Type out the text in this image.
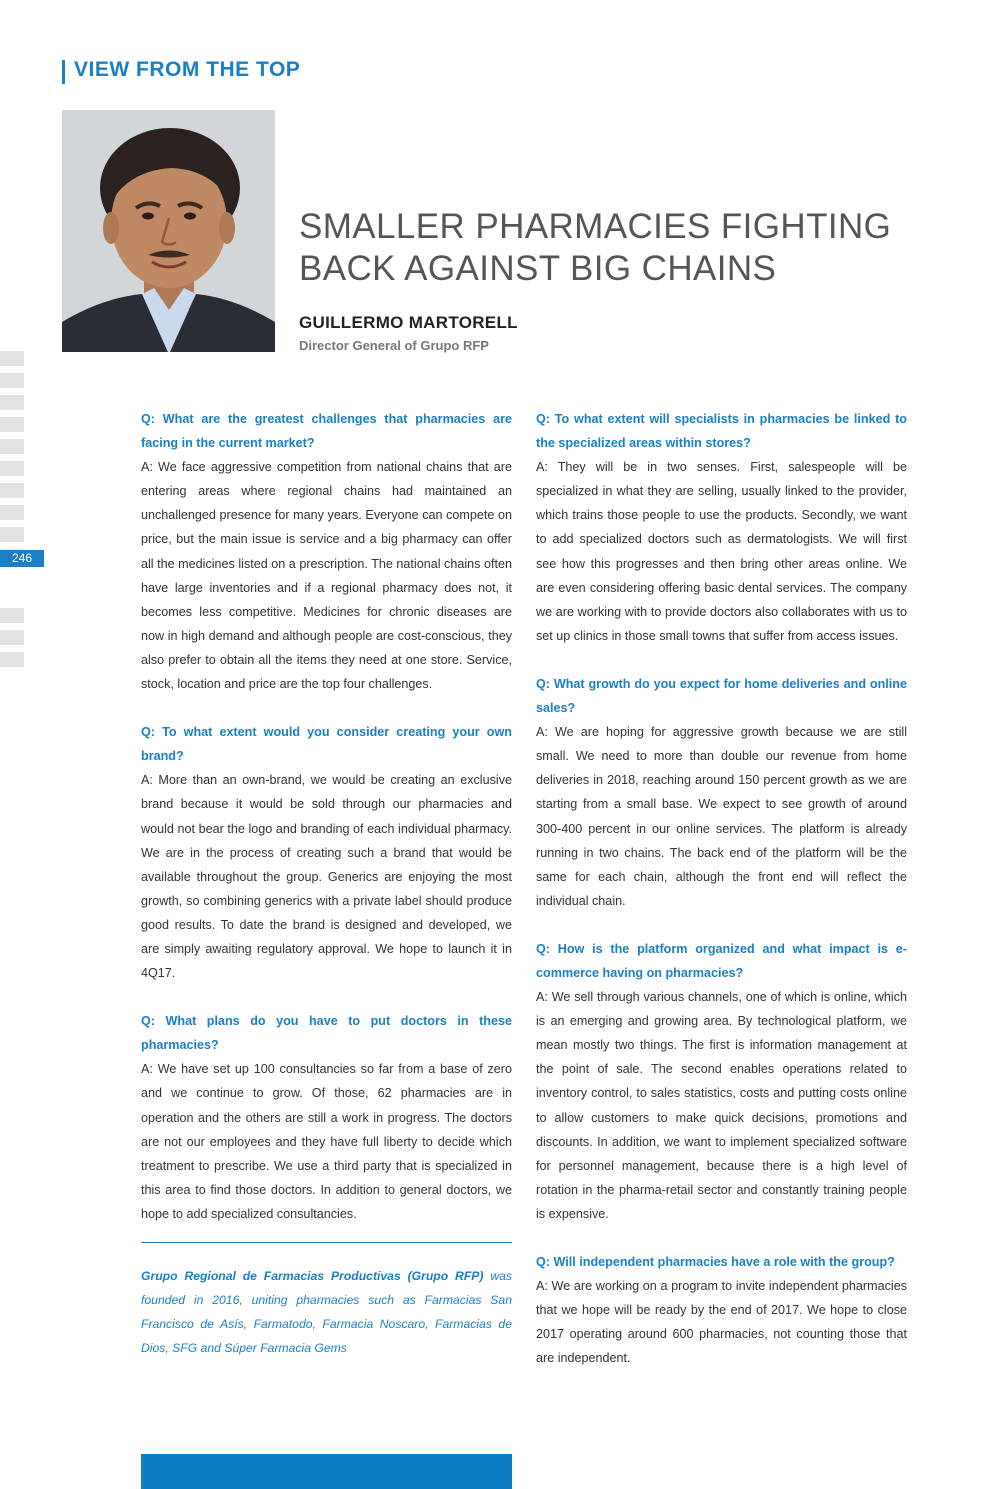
VIEW FROM THE TOP
SMALLER PHARMACIES FIGHTING BACK AGAINST BIG CHAINS
GUILLERMO MARTORELL
Director General of Grupo RFP
246

Q: What are the greatest challenges that pharmacies are facing in the current market?

A: We face aggressive competition from national chains that are entering areas where regional chains had maintained an unchallenged presence for many years. Everyone can compete on price, but the main issue is service and a big pharmacy can offer all the medicines listed on a prescription. The national chains often have large inventories and if a regional pharmacy does not, it becomes less competitive. Medicines for chronic diseases are now in high demand and although people are cost-conscious, they also prefer to obtain all the items they need at one store. Service, stock, location and price are the top four challenges.

Q: To what extent would you consider creating your own brand?

A: More than an own-brand, we would be creating an exclusive brand because it would be sold through our pharmacies and would not bear the logo and branding of each individual pharmacy. We are in the process of creating such a brand that would be available throughout the group. Generics are enjoying the most growth, so combining generics with a private label should produce good results. To date the brand is designed and developed, we are simply awaiting regulatory approval. We hope to launch it in 4Q17.

Q: What plans do you have to put doctors in these pharmacies?

A: We have set up 100 consultancies so far from a base of zero and we continue to grow. Of those, 62 pharmacies are in operation and the others are still a work in progress. The doctors are not our employees and they have full liberty to decide which treatment to prescribe. We use a third party that is specialized in this area to find those doctors. In addition to general doctors, we hope to add specialized consultancies.

Grupo Regional de Farmacias Productivas (Grupo RFP) was founded in 2016, uniting pharmacies such as Farmacias San Francisco de Asís, Farmatodo, Farmacia Noscaro, Farmacias de Dios, SFG and Súper Farmacia Gems

Q: To what extent will specialists in pharmacies be linked to the specialized areas within stores?

A: They will be in two senses. First, salespeople will be specialized in what they are selling, usually linked to the provider, which trains those people to use the products. Secondly, we want to add specialized doctors such as dermatologists. We will first see how this progresses and then bring other areas online. We are even considering offering basic dental services. The company we are working with to provide doctors also collaborates with us to set up clinics in those small towns that suffer from access issues.

Q: What growth do you expect for home deliveries and online sales?

A: We are hoping for aggressive growth because we are still small. We need to more than double our revenue from home deliveries in 2018, reaching around 150 percent growth as we are starting from a small base. We expect to see growth of around 300-400 percent in our online services. The platform is already running in two chains. The back end of the platform will be the same for each chain, although the front end will reflect the individual chain.

Q: How is the platform organized and what impact is e-commerce having on pharmacies?

A: We sell through various channels, one of which is online, which is an emerging and growing area. By technological platform, we mean mostly two things. The first is information management at the point of sale. The second enables operations related to inventory control, to sales statistics, costs and putting costs online to allow customers to make quick decisions, promotions and discounts. In addition, we want to implement specialized software for personnel management, because there is a high level of rotation in the pharma-retail sector and constantly training people is expensive.

Q: Will independent pharmacies have a role with the group?

A: We are working on a program to invite independent pharmacies that we hope will be ready by the end of 2017. We hope to close 2017 operating around 600 pharmacies, not counting those that are independent.
